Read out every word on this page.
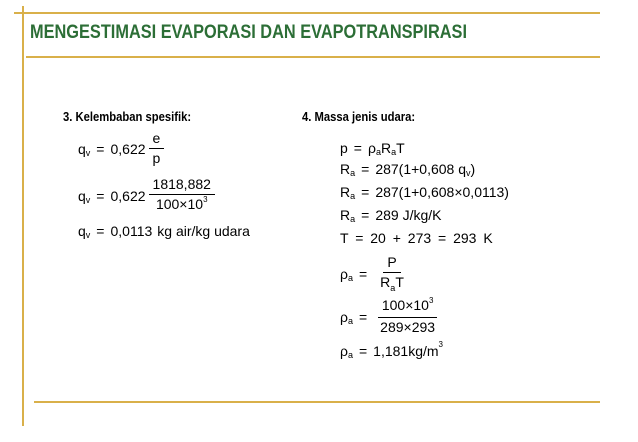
MENGESTIMASI EVAPORASI DAN EVAPOTRANSPIRASI
3. Kelembaban spesifik:
q $v = 0,622 \frac{e}{p}$
q $v = 0,622 \frac{1818,882}{100\times 10^3}$
q v = 0,0113 kg air/kg udara
4. Massa jenis udara:
p = ρ a R a T
R a = 287(1+0,608 q v )
R a = 287(1+0,608×0,0113)
R a = 289 J/kg/K
T = 20 + 273 = 293 K
ρ $a = \frac{P}{R_aT}$
ρ $a = \frac{100\times 10^3}{289\times 293}$
ρ a = 1,181kg/m 3
